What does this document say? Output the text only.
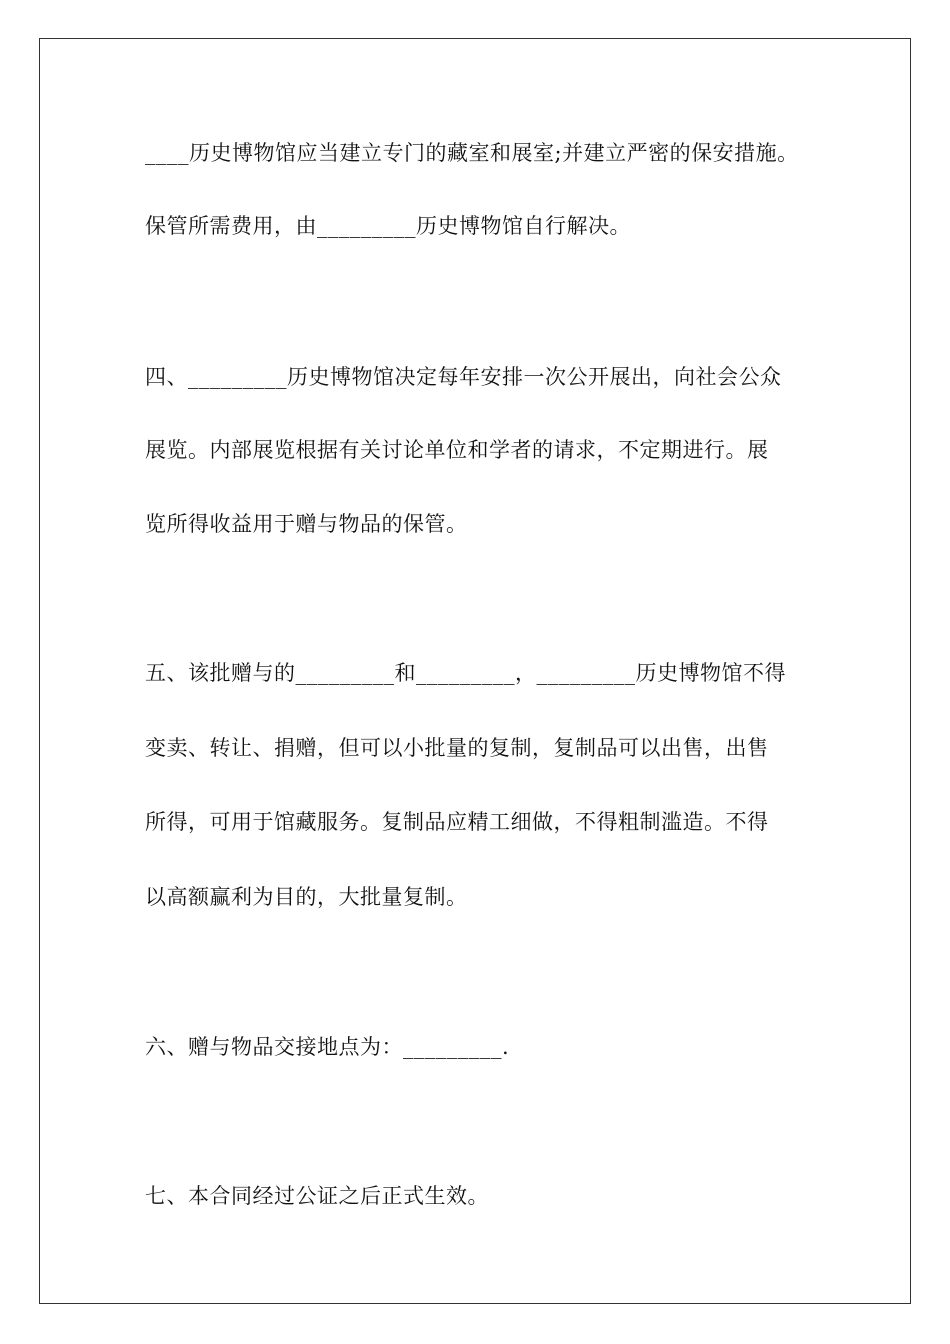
____历史博物馆应当建立专门的藏室和展室;并建立严密的保安措施。
保管所需费用，由_________历史博物馆自行解决。
四、_________历史博物馆决定每年安排一次公开展出，向社会公众
展览。内部展览根据有关讨论单位和学者的请求，不定期进行。展
览所得收益用于赠与物品的保管。
五、该批赠与的_________和_________，_________历史博物馆不得
变卖、转让、捐赠，但可以小批量的复制，复制品可以出售，出售
所得，可用于馆藏服务。复制品应精工细做，不得粗制滥造。不得
以高额赢利为目的，大批量复制。
六、赠与物品交接地点为：_________.
七、本合同经过公证之后正式生效。
